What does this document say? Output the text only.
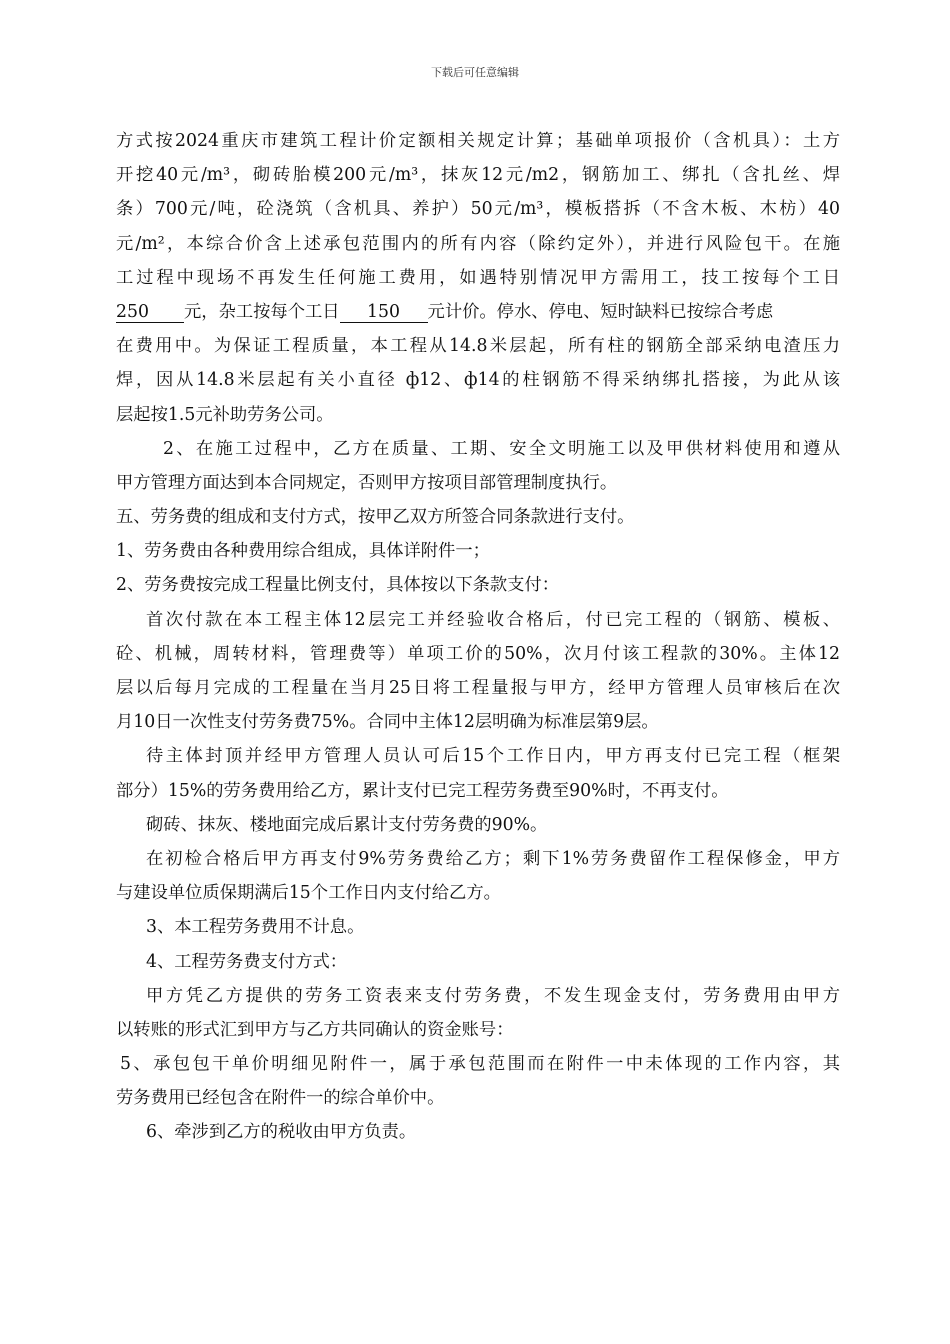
下载后可任意编辑
方式按2024重庆市建筑工程计价定额相关规定计算；基础单项报价（含机具）：土方
开挖40元/m³，砌砖胎模200元/m³，抹灰12元/m2，钢筋加工、绑扎（含扎丝、焊
条）700元/吨，砼浇筑（含机具、养护）50元/m³，模板搭拆（不含木板、木枋）40
元/m²，本综合价含上述承包范围内的所有内容（除约定外），并进行风险包干。在施
工过程中现场不再发生任何施工费用，如遇特别情况甲方需用工，技工按每个工日
250 元，杂工按每个工日 150 元计价。停水、停电、短时缺料已按综合考虑
在费用中。为保证工程质量，本工程从14.8米层起，所有柱的钢筋全部采纳电渣压力
焊，因从14.8米层起有关小直径 ф12、ф14的柱钢筋不得采纳绑扎搭接，为此从该
层起按1.5元补助劳务公司。
2、在施工过程中，乙方在质量、工期、安全文明施工以及甲供材料使用和遵从
甲方管理方面达到本合同规定，否则甲方按项目部管理制度执行。
五、劳务费的组成和支付方式，按甲乙双方所签合同条款进行支付。
1、劳务费由各种费用综合组成，具体详附件一；
2、劳务费按完成工程量比例支付，具体按以下条款支付：
首次付款在本工程主体12层完工并经验收合格后，付已完工程的（钢筋、模板、
砼、机械，周转材料，管理费等）单项工价的50%，次月付该工程款的30%。主体12
层以后每月完成的工程量在当月25日将工程量报与甲方，经甲方管理人员审核后在次
月10日一次性支付劳务费75%。合同中主体12层明确为标准层第9层。
待主体封顶并经甲方管理人员认可后15个工作日内，甲方再支付已完工程（框架
部分）15%的劳务费用给乙方，累计支付已完工程劳务费至90%时，不再支付。
砌砖、抹灰、楼地面完成后累计支付劳务费的90%。
在初检合格后甲方再支付9%劳务费给乙方；剩下1%劳务费留作工程保修金，甲方
与建设单位质保期满后15个工作日内支付给乙方。
3、本工程劳务费用不计息。
4、工程劳务费支付方式：
甲方凭乙方提供的劳务工资表来支付劳务费，不发生现金支付，劳务费用由甲方
以转账的形式汇到甲方与乙方共同确认的资金账号：
5、承包包干单价明细见附件一，属于承包范围而在附件一中未体现的工作内容，其
劳务费用已经包含在附件一的综合单价中。
6、牵涉到乙方的税收由甲方负责。
